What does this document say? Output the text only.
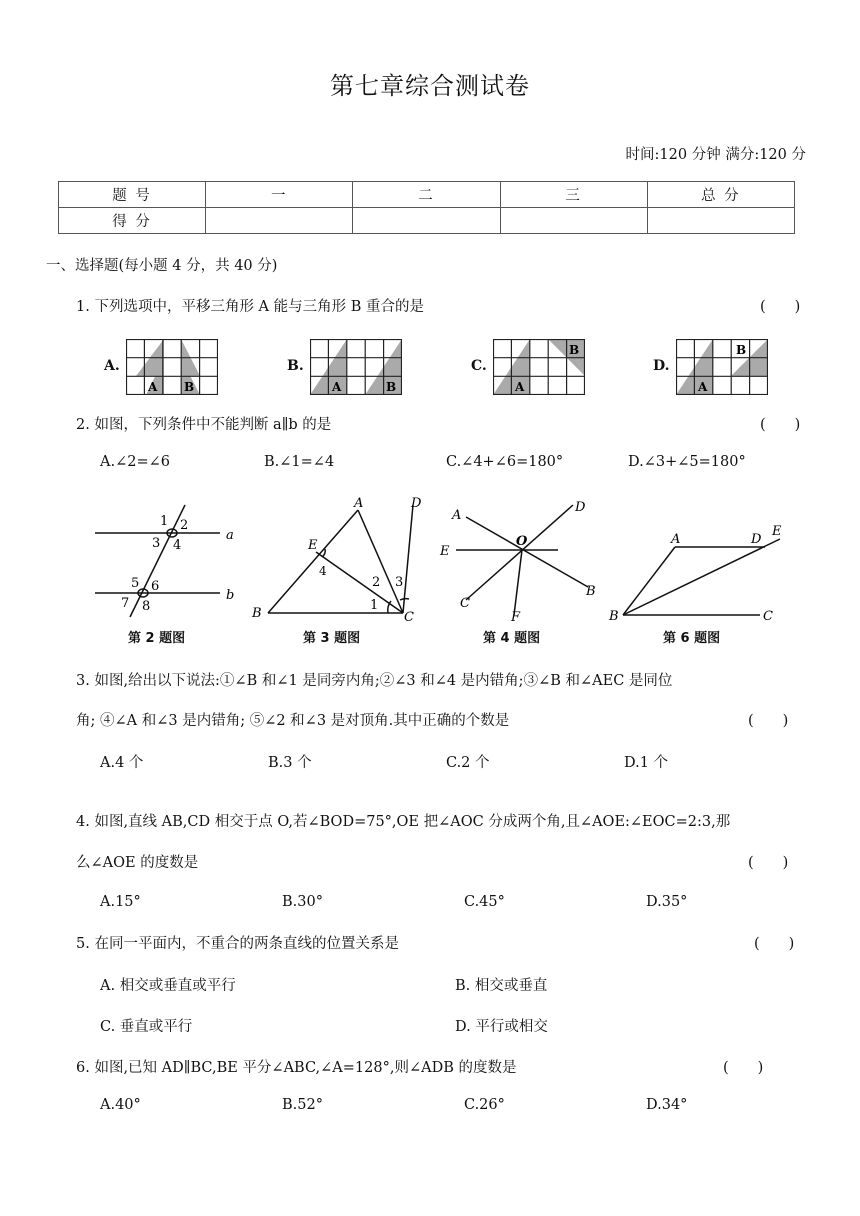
第七章综合测试卷
时间:120 分钟 满分:120 分
题 号	一	二	三	总 分
得 分				
一、选择题(每小题 4 分，共 40 分)
1. 下列选项中，平移三角形 A 能与三角形 B 重合的是	(　　)
A.
A B
B.
A	B
C.
A
B
D.
A
B
2. 如图，下列条件中不能判断 a∥b 的是	(　　)
A.∠2=∠6	B.∠1=∠4	C.∠4+∠6=180°	D.∠3+∠5=180°
1 2
3 4
5 6
7 8
a
b
第 2 题图
A	D
E
4
2 3
1
B	C
第 3 题图
A
D
E
O
B
C
F
第 4 题图
A	D
E
B	C
第 6 题图
3. 如图,给出以下说法:①∠B 和∠1 是同旁内角;②∠3 和∠4 是内错角;③∠B 和∠AEC 是同位
角; ④∠A 和∠3 是内错角; ⑤∠2 和∠3 是对顶角.其中正确的个数是	(　　)
A.4 个	B.3 个	C.2 个	D.1 个
4. 如图,直线 AB,CD 相交于点 O,若∠BOD=75°,OE 把∠AOC 分成两个角,且∠AOE:∠EOC=2:3,那
么∠AOE 的度数是	(　　)
A.15°	B.30°	C.45°	D.35°
5. 在同一平面内，不重合的两条直线的位置关系是	(　　)
A. 相交或垂直或平行	B. 相交或垂直
C. 垂直或平行	D. 平行或相交
6. 如图,已知 AD∥BC,BE 平分∠ABC,∠A=128°,则∠ADB 的度数是	(　　)
A.40°	B.52°	C.26°	D.34°
